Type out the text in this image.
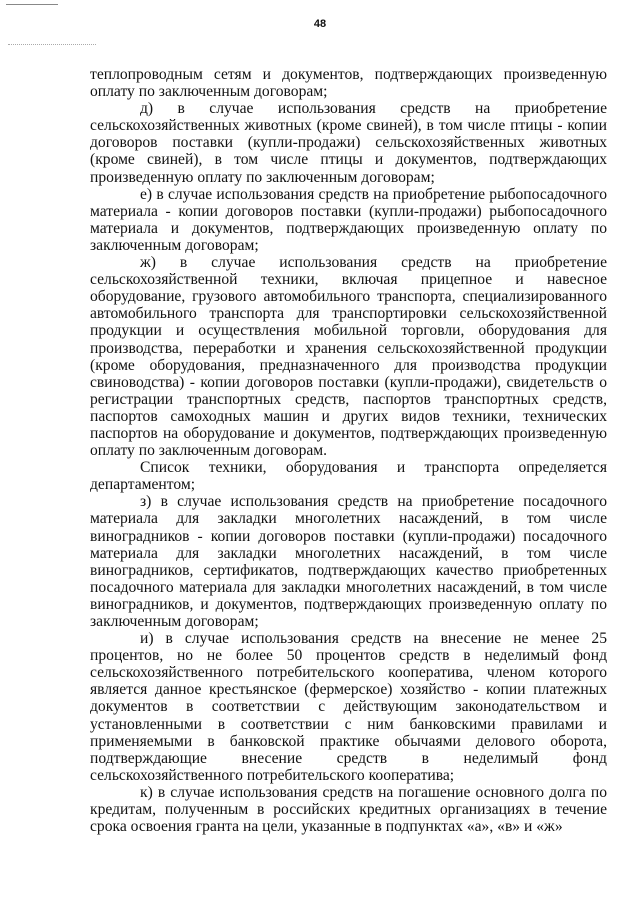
48

теплопроводным сетям и документов, подтверждающих произведенную оплату по заключенным договорам;

д) в случае использования средств на приобретение сельскохозяйственных животных (кроме свиней), в том числе птицы - копии договоров поставки (купли-продажи) сельскохозяйственных животных (кроме свиней), в том числе птицы и документов, подтверждающих произведенную оплату по заключенным договорам;

е) в случае использования средств на приобретение рыбопосадочного материала - копии договоров поставки (купли-продажи) рыбопосадочного материала и документов, подтверждающих произведенную оплату по заключенным договорам;

ж) в случае использования средств на приобретение сельскохозяйственной техники, включая прицепное и навесное оборудование, грузового автомобильного транспорта, специализированного автомобильного транспорта для транспортировки сельскохозяйственной продукции и осуществления мобильной торговли, оборудования для производства, переработки и хранения сельскохозяйственной продукции (кроме оборудования, предназначенного для производства продукции свиноводства) - копии договоров поставки (купли-продажи), свидетельств о регистрации транспортных средств, паспортов транспортных средств, паспортов самоходных машин и других видов техники, технических паспортов на оборудование и документов, подтверждающих произведенную оплату по заключенным договорам.

Список техники, оборудования и транспорта определяется департаментом;

з) в случае использования средств на приобретение посадочного материала для закладки многолетних насаждений, в том числе виноградников - копии договоров поставки (купли-продажи) посадочного материала для закладки многолетних насаждений, в том числе виноградников, сертификатов, подтверждающих качество приобретенных посадочного материала для закладки многолетних насаждений, в том числе виноградников, и документов, подтверждающих произведенную оплату по заключенным договорам;

и) в случае использования средств на внесение не менее 25 процентов, но не более 50 процентов средств в неделимый фонд сельскохозяйственного потребительского кооператива, членом которого является данное крестьянское (фермерское) хозяйство - копии платежных документов в соответствии с действующим законодательством и установленными в соответствии с ним банковскими правилами и применяемыми в банковской практике обычаями делового оборота, подтверждающие внесение средств в неделимый фонд сельскохозяйственного потребительского кооператива;

к) в случае использования средств на погашение основного долга по кредитам, полученным в российских кредитных организациях в течение срока освоения гранта на цели, указанные в подпунктах «а», «в» и «ж»
